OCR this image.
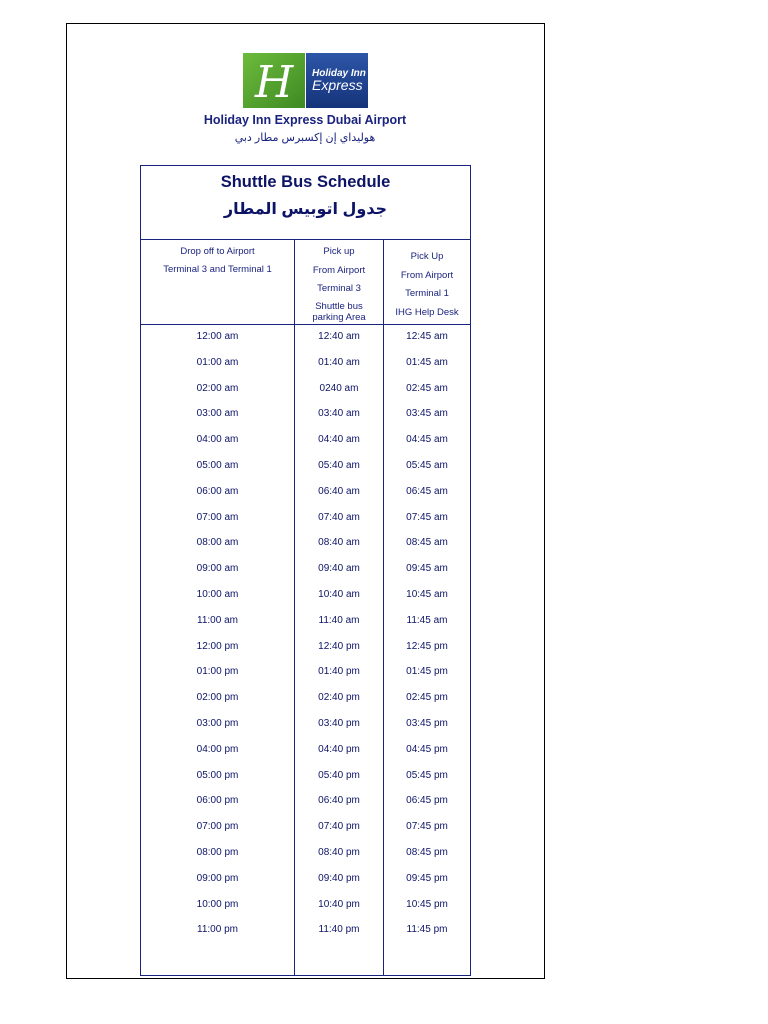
H Holiday Inn
Express
Holiday Inn Express Dubai Airport
هوليداي إن إكسبرس مطار دبي
Shuttle Bus Schedule
جدول اتوبيس المطار
Drop off to Airport
Terminal 3 and Terminal 1
Pick up
From Airport
Terminal 3
Shuttle bus
parking Area
Pick Up
From Airport
Terminal 1
IHG Help Desk
12:00 am	12:40 am	12:45 am
01:00 am	01:40 am	01:45 am
02:00 am	0240 am	02:45 am
03:00 am	03:40 am	03:45 am
04:00 am	04:40 am	04:45 am
05:00 am	05:40 am	05:45 am
06:00 am	06:40 am	06:45 am
07:00 am	07:40 am	07:45 am
08:00 am	08:40 am	08:45 am
09:00 am	09:40 am	09:45 am
10:00 am	10:40 am	10:45 am
11:00 am	11:40 am	11:45 am
12:00 pm	12:40 pm	12:45 pm
01:00 pm	01:40 pm	01:45 pm
02:00 pm	02:40 pm	02:45 pm
03:00 pm	03:40 pm	03:45 pm
04:00 pm	04:40 pm	04:45 pm
05:00 pm	05:40 pm	05:45 pm
06:00 pm	06:40 pm	06:45 pm
07:00 pm	07:40 pm	07:45 pm
08:00 pm	08:40 pm	08:45 pm
09:00 pm	09:40 pm	09:45 pm
10:00 pm	10:40 pm	10:45 pm
11:00 pm	11:40 pm	11:45 pm
